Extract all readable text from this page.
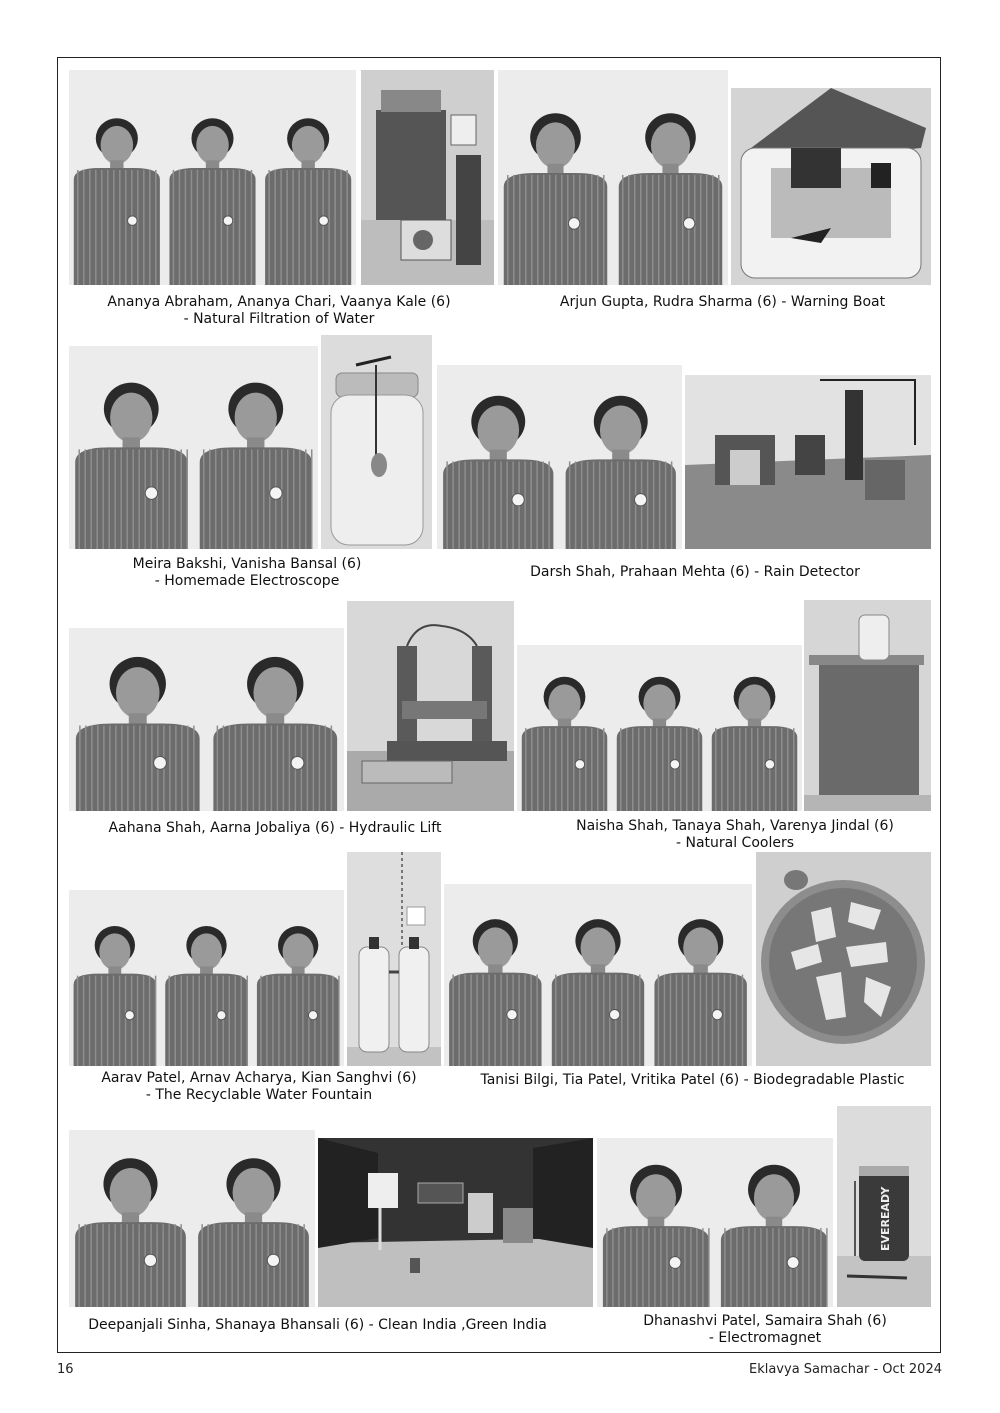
Ananya Abraham, Ananya Chari, Vaanya Kale (6)
- Natural Filtration of Water
Arjun Gupta, Rudra Sharma (6) - Warning Boat
Meira Bakshi, Vanisha Bansal (6)
- Homemade Electroscope
Darsh Shah, Prahaan Mehta (6) - Rain Detector
Aahana Shah, Aarna Jobaliya (6) - Hydraulic Lift	Naisha Shah, Tanaya Shah, Varenya Jindal (6)
- Natural Coolers
Aarav Patel, Arnav Acharya, Kian Sanghvi (6)
- The Recyclable Water Fountain
Tanisi Bilgi, Tia Patel, Vritika Patel (6) - Biodegradable Plastic
EVEREADY
Deepanjali Sinha, Shanaya Bhansali (6) - Clean India ,Green India	Dhanashvi Patel, Samaira Shah (6)
- Electromagnet
16	Eklavya Samachar - Oct 2024
